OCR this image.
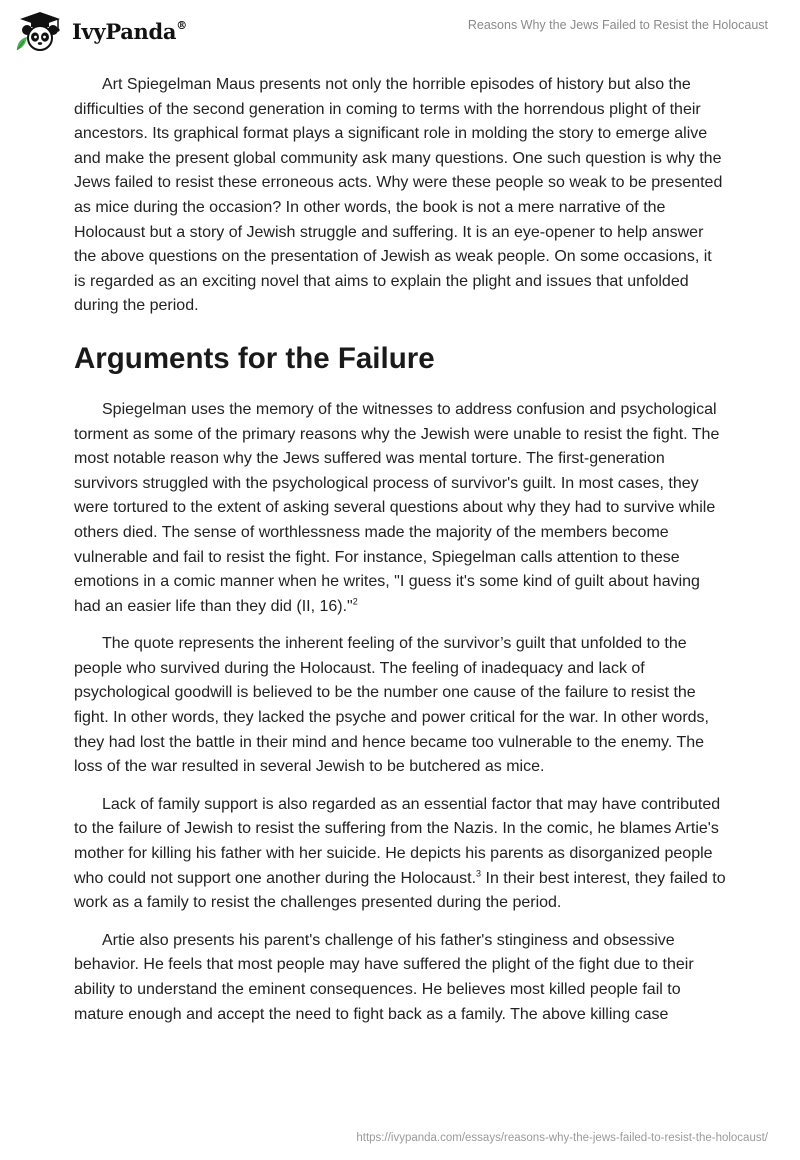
IvyPanda®	Reasons Why the Jews Failed to Resist the Holocaust

Art Spiegelman Maus presents not only the horrible episodes of history but also the difficulties of the second generation in coming to terms with the horrendous plight of their ancestors. Its graphical format plays a significant role in molding the story to emerge alive and make the present global community ask many questions. One such question is why the Jews failed to resist these erroneous acts. Why were these people so weak to be presented as mice during the occasion? In other words, the book is not a mere narrative of the Holocaust but a story of Jewish struggle and suffering. It is an eye-opener to help answer the above questions on the presentation of Jewish as weak people. On some occasions, it is regarded as an exciting novel that aims to explain the plight and issues that unfolded during the period.

Arguments for the Failure

Spiegelman uses the memory of the witnesses to address confusion and psychological torment as some of the primary reasons why the Jewish were unable to resist the fight. The most notable reason why the Jews suffered was mental torture. The first-generation survivors struggled with the psychological process of survivor's guilt. In most cases, they were tortured to the extent of asking several questions about why they had to survive while others died. The sense of worthlessness made the majority of the members become vulnerable and fail to resist the fight. For instance, Spiegelman calls attention to these emotions in a comic manner when he writes, "I guess it's some kind of guilt about having had an easier life than they did (II, 16)."$^2$

The quote represents the inherent feeling of the survivor’s guilt that unfolded to the people who survived during the Holocaust. The feeling of inadequacy and lack of psychological goodwill is believed to be the number one cause of the failure to resist the fight. In other words, they lacked the psyche and power critical for the war. In other words, they had lost the battle in their mind and hence became too vulnerable to the enemy. The loss of the war resulted in several Jewish to be butchered as mice.

Lack of family support is also regarded as an essential factor that may have contributed to the failure of Jewish to resist the suffering from the Nazis. In the comic, he blames Artie's mother for killing his father with her suicide. He depicts his parents as disorganized people who could not support one another during the Holocaust.$^3$ In their best interest, they failed to work as a family to resist the challenges presented during the period.

Artie also presents his parent's challenge of his father's stinginess and obsessive behavior. He feels that most people may have suffered the plight of the fight due to their ability to understand the eminent consequences. He believes most killed people fail to mature enough and accept the need to fight back as a family. The above killing case

https://ivypanda.com/essays/reasons-why-the-jews-failed-to-resist-the-holocaust/
